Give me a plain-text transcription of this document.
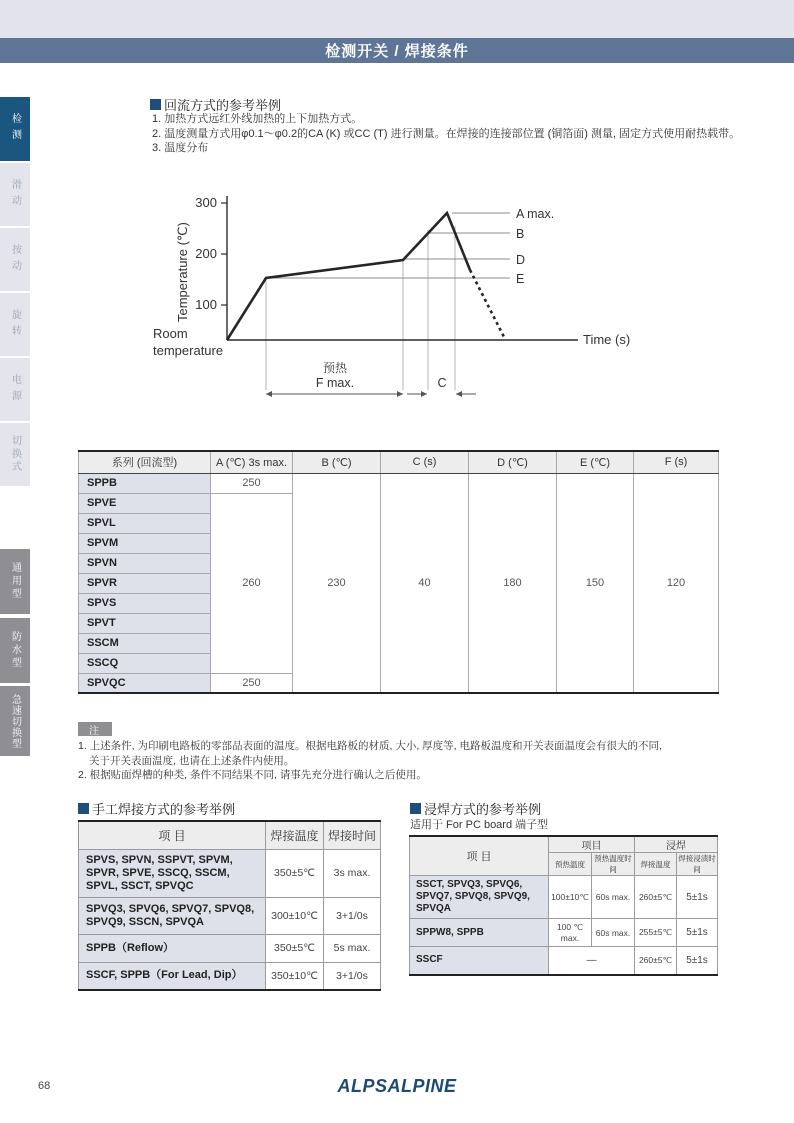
检测开关 / 焊接条件
检测
滑动
按动
旋转
电源
切换式
通用型
防水型
急速切换型
回流方式的参考举例
1. 加热方式远红外线加热的上下加热方式。
2. 温度测量方式用φ0.1～φ0.2的CA (K) 或CC (T) 进行测量。在焊接的连接部位置 (铜箔面) 测量, 固定方式使用耐热载带。
3. 温度分布
300
200
100
Temperature (℃)
Room
temperature
Time (s)
A max.
B
D
E
预热
F max.	C
系列 (回流型)	A (℃) 3s max.	B (℃)	C (s)	D (℃)	E (℃)	F (s)
SPPB	250	230	40	180	150	120
SPVE	260					
SPVL						
SPVM						
SPVN						
SPVR						
SPVS						
SPVT						
SSCM						
SSCQ						
SPVQC	250					
注
1. 上述条件, 为印刷电路板的零部品表面的温度。根据电路板的材质, 大小, 厚度等, 电路板温度和开关表面温度会有很大的不同,
关于开关表面温度, 也请在上述条件内使用。
2. 根据贴面焊槽的种类, 条件不同结果不同, 请事先充分进行确认之后使用。
手工焊接方式的参考举例
项 目	焊接温度	焊接时间
SPVS, SPVN, SSPVT, SPVM, SPVR, SPVE, SSCQ, SSCM, SPVL, SSCT, SPVQC	350±5℃	3s max.
SPVQ3, SPVQ6, SPVQ7, SPVQ8, SPVQ9, SSCN, SPVQA	300±10℃	3+1/0s
SPPB（Reflow）	350±5℃	5s max.
SSCF, SPPB（For Lead, Dip）	350±10℃	3+1/0s
浸焊方式的参考举例
适用于 For PC board 端子型
项 目	项目		浸焊	
	预热温度	预热温度时间	焊接温度	焊接浸渍时间
SSCT, SPVQ3, SPVQ6, SPVQ7, SPVQ8, SPVQ9, SPVQA	100±10℃	60s max.	260±5℃	5±1s
SPPW8, SPPB	100 ℃ max.	60s max.	255±5℃	5±1s
SSCF	—		260±5℃	5±1s
68	ALPSALPINE
